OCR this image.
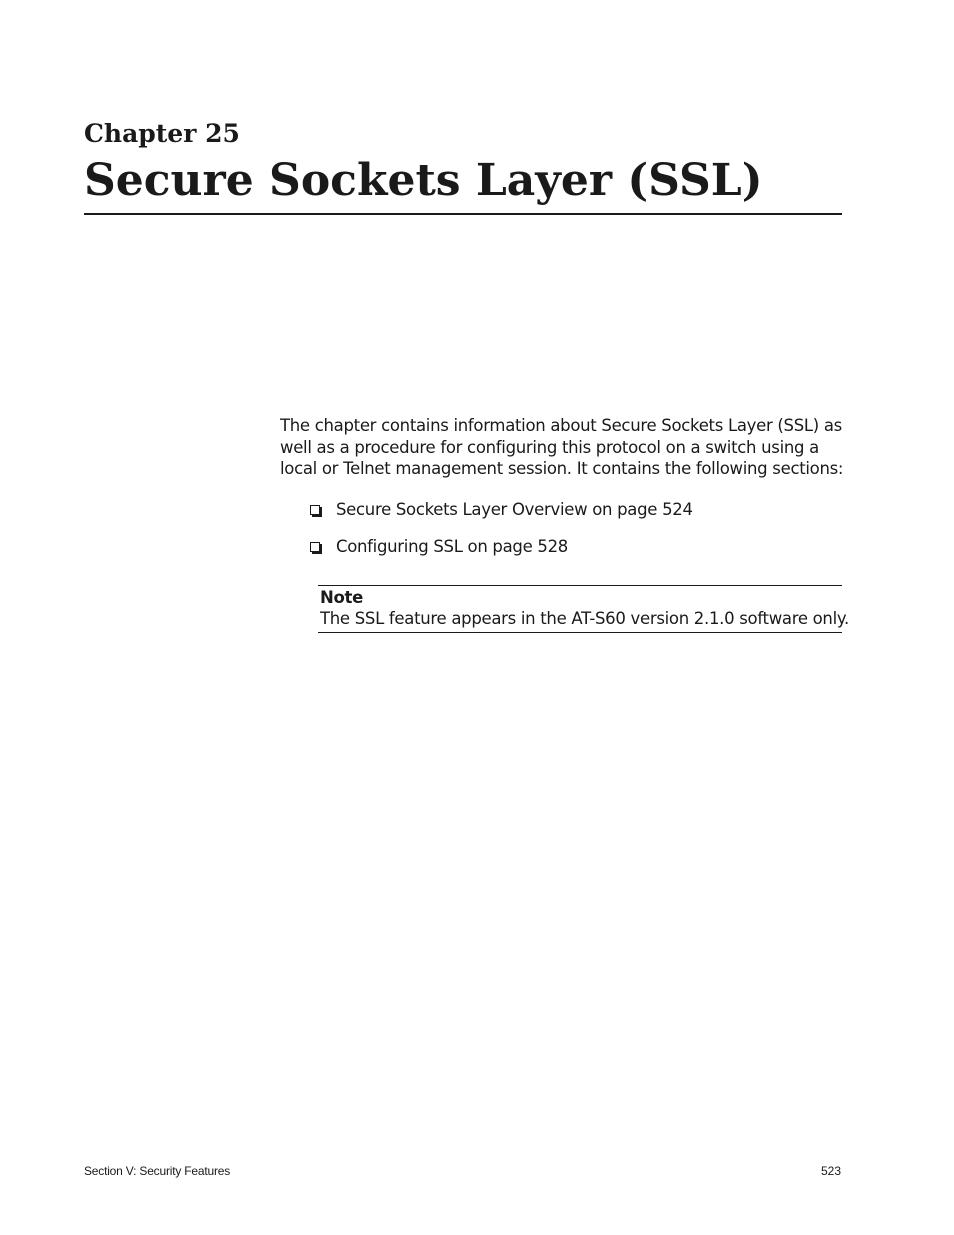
Chapter 25
Secure Sockets Layer (SSL)

The chapter contains information about Secure Sockets Layer (SSL) as well as a procedure for configuring this protocol on a switch using a local or Telnet management session. It contains the following sections:

Secure Sockets Layer Overview on page 524
Configuring SSL on page 528
Note
The SSL feature appears in the AT-S60 version 2.1.0 software only.
Section V: Security Features	523
